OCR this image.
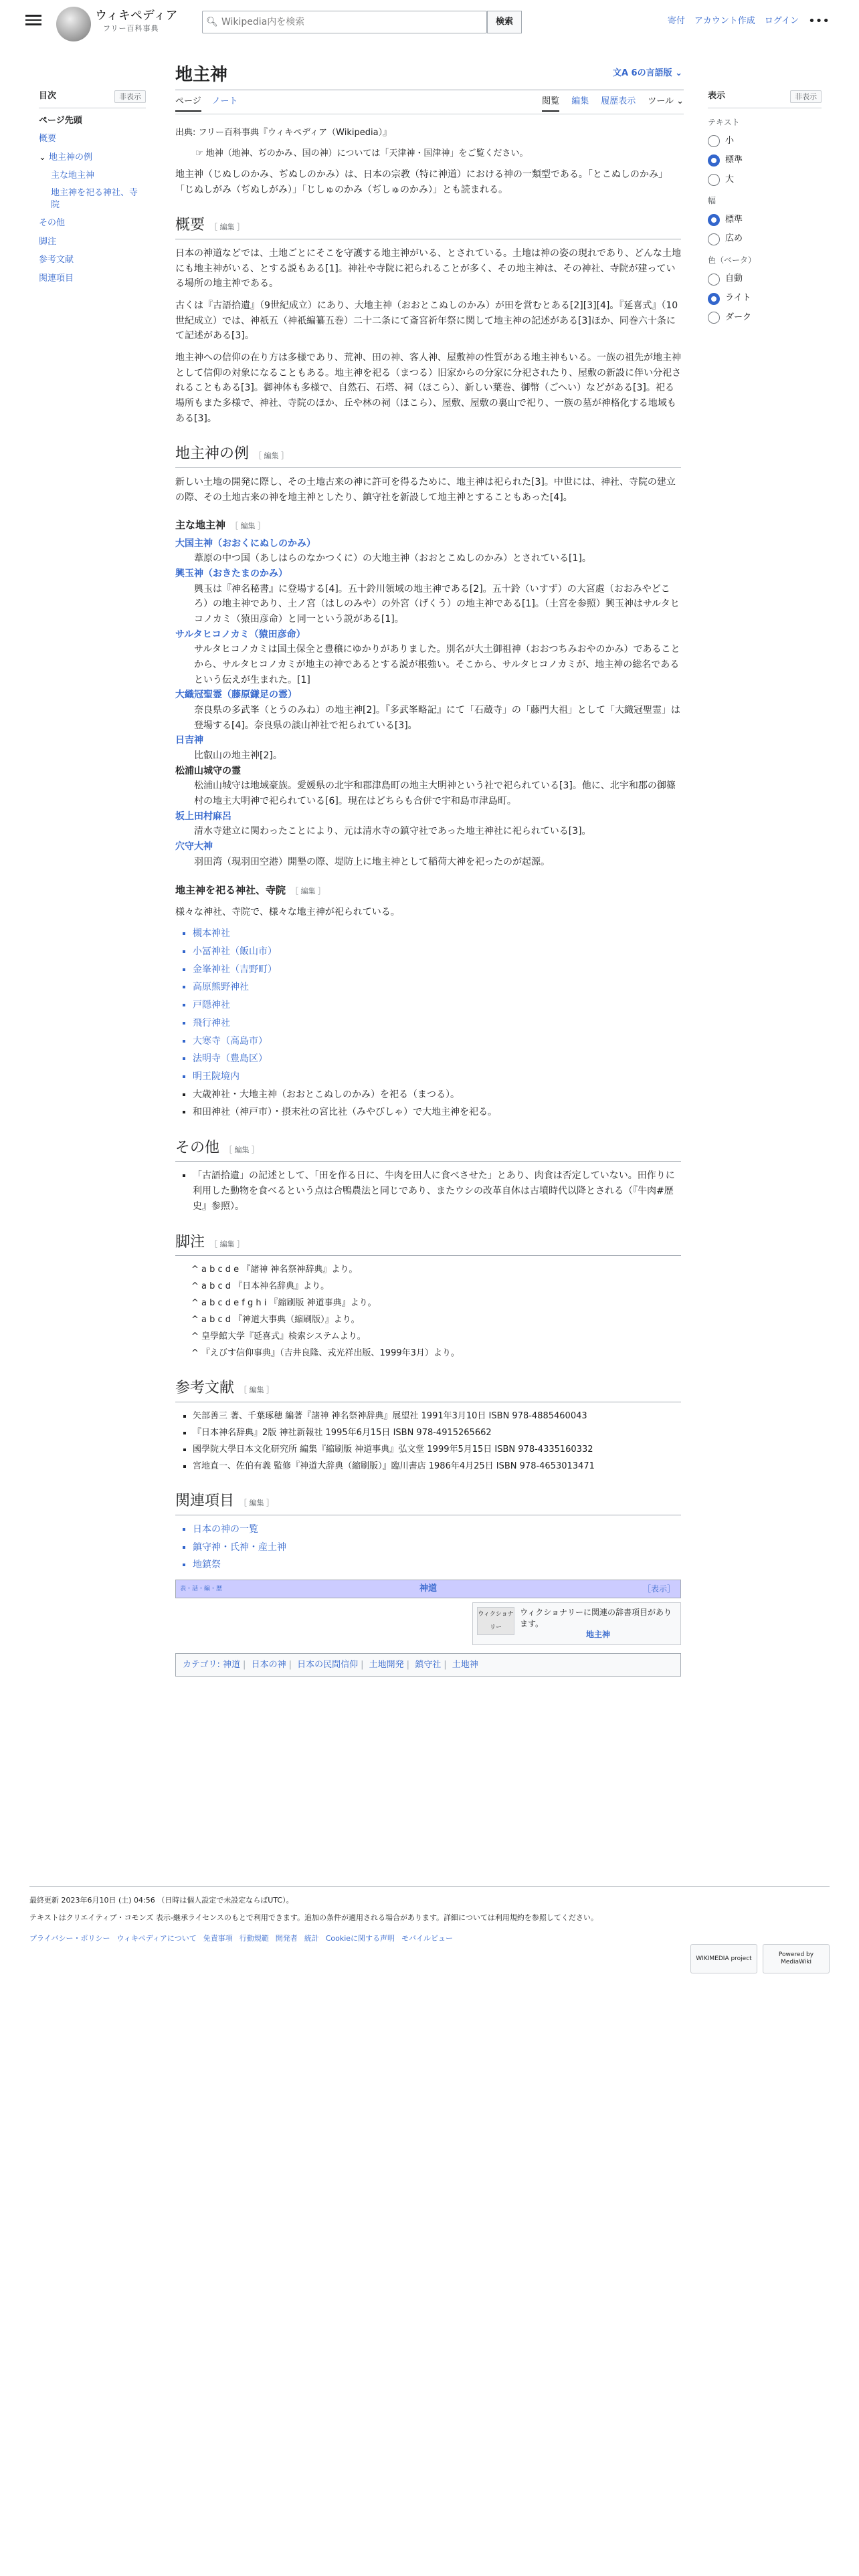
ウィキペディア
フリー百科事典
🔍︎
Wikipedia内を検索	検索	寄付 アカウント作成 ログイン •••
目次	非表示
ページ先頭
概要
⌄ 地主神の例
主な地主神
地主神を祀る神社、寺院
その他
脚注
参考文献
関連項目
地主神	文A 6の言語版 ⌄
ページ ノート	閲覧 編集 履歴表示 ツール ⌄

出典: フリー百科事典『ウィキペディア（Wikipedia）』

☞ 地神（地神、ぢのかみ、国の神）については「天津神・国津神」をご覧ください。

地主神（じぬしのかみ、ぢぬしのかみ）は、日本の宗教（特に神道）における神の一類型である。「とこぬしのかみ」「じぬしがみ（ぢぬしがみ）」「じしゅのかみ（ぢしゅのかみ）」とも読まれる。

概要 ［ 編集 ］

日本の神道などでは、土地ごとにそこを守護する地主神がいる、とされている。土地は神の姿の現れであり、どんな土地にも地主神がいる、とする説もある[1]。神社や寺院に祀られることが多く、その地主神は、その神社、寺院が建っている場所の地主神である。

古くは『古語拾遺』（9世紀成立）にあり、大地主神（おおとこぬしのかみ）が田を営むとある[2][3][4]。『延喜式』（10世紀成立）では、神祇五（神祇編纂五巻）二十二条にて斎宮祈年祭に関して地主神の記述がある[3]ほか、同巻六十条にて記述がある[3]。

地主神への信仰の在り方は多様であり、荒神、田の神、客人神、屋敷神の性質がある地主神もいる。一族の祖先が地主神として信仰の対象になることもある。地主神を祀る（まつる）旧家からの分家に分祀されたり、屋敷の新設に伴い分祀されることもある[3]。御神体も多様で、自然石、石塔、祠（ほこら）、新しい葉巻、御幣（ごへい）などがある[3]。祀る場所もまた多様で、神社、寺院のほか、丘や林の祠（ほこら）、屋敷、屋敷の裏山で祀り、一族の墓が神格化する地域もある[3]。

地主神の例 ［ 編集 ］

新しい土地の開発に際し、その土地古来の神に許可を得るために、地主神は祀られた[3]。中世には、神社、寺院の建立の際、その土地古来の神を地主神としたり、鎮守社を新設して地主神とすることもあった[4]。

主な地主神 ［ 編集 ］
大国主神（おおくにぬしのかみ）
葦原の中つ国（あしはらのなかつくに）の大地主神（おおとこぬしのかみ）とされている[1]。
興玉神（おきたまのかみ）
興玉は『神名秘書』に登場する[4]。五十鈴川領域の地主神である[2]。五十鈴（いすず）の大宮處（おおみやどころ）の地主神であり、土ノ宮（はしのみや）の外宮（げくう）の地主神である[1]。（土宮を参照）興玉神はサルタヒコノカミ（猿田彦命）と同一という説がある[1]。
サルタヒコノカミ（猿田彦命）
サルタヒコノカミは国土保全と豊穣にゆかりがありました。別名が大土御祖神（おおつちみおやのかみ）であることから、サルタヒコノカミが地主の神であるとする説が根強い。そこから、サルタヒコノカミが、地主神の総名であるという伝えが生まれた。[1]
大織冠聖霊（藤原鎌足の霊）
奈良県の多武峯（とうのみね）の地主神[2]。『多武峯略記』にて「石蔵寺」の「藤門大祖」として「大織冠聖霊」は登場する[4]。奈良県の談山神社で祀られている[3]。
日吉神
比叡山の地主神[2]。
松浦山城守の霊
松浦山城守は地域豪族。愛媛県の北宇和郡津島町の地主大明神という社で祀られている[3]。他に、北宇和郡の御篠村の地主大明神で祀られている[6]。現在はどちらも合併で宇和島市津島町。
坂上田村麻呂
清水寺建立に関わったことにより、元は清水寺の鎮守社であった地主神社に祀られている[3]。
穴守大神
羽田湾（現羽田空港）開墾の際、堤防上に地主神として稲荷大神を祀ったのが起源。
地主神を祀る神社、寺院 ［ 編集 ］

様々な神社、寺院で、様々な地主神が祀られている。

▪ 槻本神社
▪ 小冨神社（飯山市）
▪ 金峯神社（吉野町）
▪ 高原熊野神社
▪ 戸隠神社
▪ 飛行神社
▪ 大寒寺（高島市）
▪ 法明寺（豊島区）
▪ 明王院境内
▪ 大歳神社・大地主神（おおとこぬしのかみ）を祀る（まつる）。
▪ 和田神社（神戸市）・摂末社の宮比社（みやびしゃ）で大地主神を祀る。
その他 ［ 編集 ］
▪ 「古語拾遺」の記述として、「田を作る日に、牛肉を田人に食べさせた」とあり、肉食は否定していない。田作りに利用した動物を食べるという点は合鴨農法と同じであり、またウシの改革自体は古墳時代以降とされる（『牛肉#歴史』参照）。
脚注 ［ 編集 ］
^ a b c d e 『諸神 神名祭神辞典』より。
^ a b c d 『日本神名辞典』より。
^ a b c d e f g h i 『縮刷版 神道事典』より。
^ a b c d 『神道大事典（縮刷版）』より。
^ 皇學館大学『延喜式』検索システムより。
^ 『えびす信仰事典』（吉井良隆、戎光祥出版、1999年3月）より。
参考文献 ［ 編集 ］
▪ 矢部善三 著、千葉琢穂 編著『諸神 神名祭神辞典』展望社 1991年3月10日 ISBN 978-4885460043
▪ 『日本神名辞典』2版 神社新報社 1995年6月15日 ISBN 978-4915265662
▪ 國學院大學日本文化研究所 編集『縮刷版 神道事典』弘文堂 1999年5月15日 ISBN 978-4335160332
▪ 宮地直一、佐伯有義 監修『神道大辞典（縮刷版）』臨川書店 1986年4月25日 ISBN 978-4653013471
関連項目 ［ 編集 ］
▪ 日本の神の一覧
▪ 鎮守神・氏神・産土神
▪ 地鎮祭
表・話・編・歴	神道	［表示］
ウィクショナリー
ウィクショナリーに関連の辞書項目があります。
地主神
カテゴリ: 神道 | 日本の神 | 日本の民間信仰 | 土地開発 | 鎮守社 | 土地神
表示	非表示
テキスト
小
標準
大
幅
標準
広め
色（ベータ）
自動
ライト
ダーク

最終更新 2023年6月10日 (土) 04:56 （日時は個人設定で未設定ならばUTC）。

テキストはクリエイティブ・コモンズ 表示-継承ライセンスのもとで利用できます。追加の条件が適用される場合があります。詳細については利用規約を参照してください。

プライバシー・ポリシー ウィキペディアについて 免責事項 行動規範 開発者 統計 Cookieに関する声明 モバイルビュー
WIKIMEDIA project
Powered by MediaWiki
